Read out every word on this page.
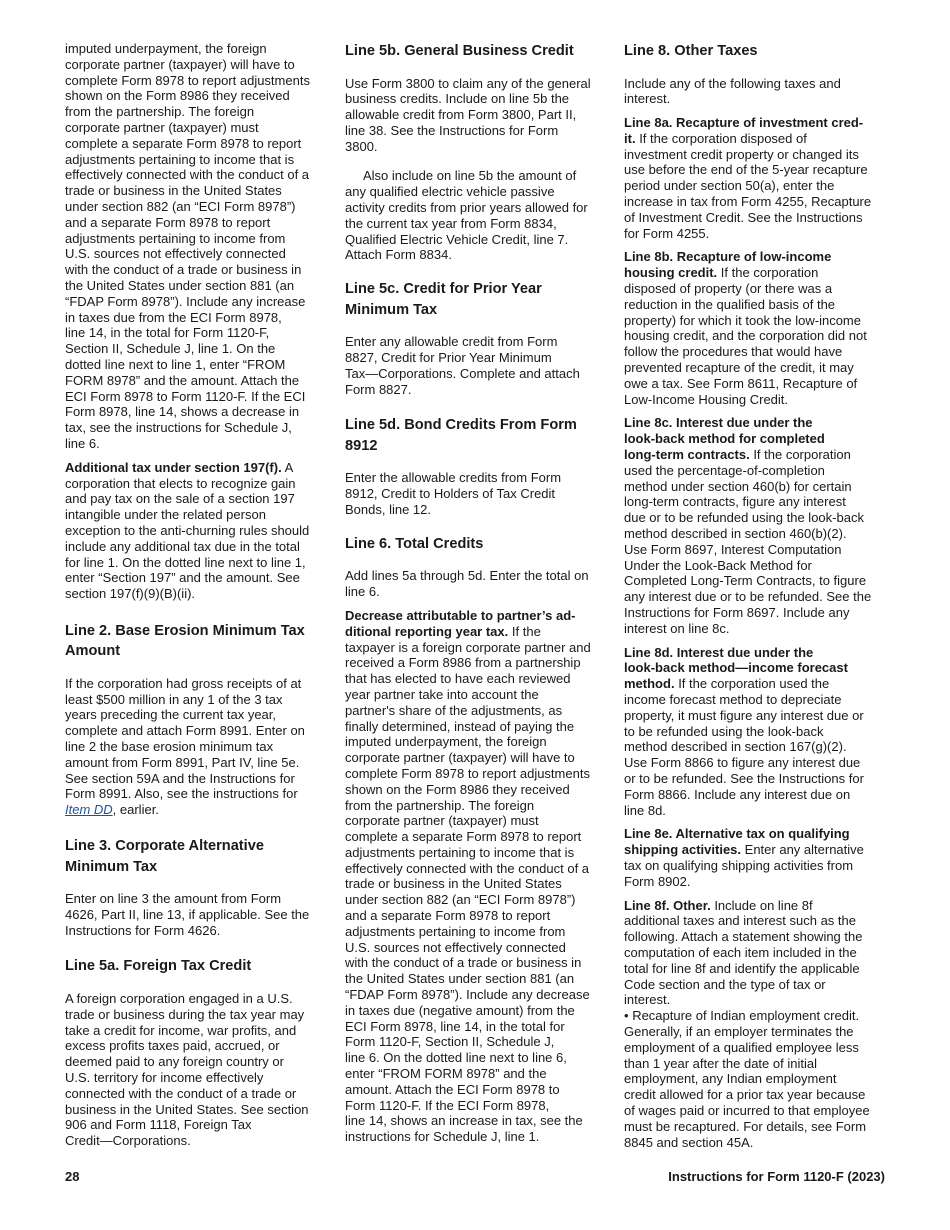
imputed underpayment, the foreign
corporate partner (taxpayer) will have to
complete Form 8978 to report adjustments
shown on the Form 8986 they received
from the partnership. The foreign
corporate partner (taxpayer) must
complete a separate Form 8978 to report
adjustments pertaining to income that is
effectively connected with the conduct of a
trade or business in the United States
under section 882 (an “ECI Form 8978”)
and a separate Form 8978 to report
adjustments pertaining to income from
U.S. sources not effectively connected
with the conduct of a trade or business in
the United States under section 881 (an
“FDAP Form 8978”). Include any increase
in taxes due from the ECI Form 8978,
line 14, in the total for Form 1120-F,
Section II, Schedule J, line 1. On the
dotted line next to line 1, enter “FROM
FORM 8978” and the amount. Attach the
ECI Form 8978 to Form 1120-F. If the ECI
Form 8978, line 14, shows a decrease in
tax, see the instructions for Schedule J,
line 6.

Additional tax under section 197(f). A
corporation that elects to recognize gain
and pay tax on the sale of a section 197
intangible under the related person
exception to the anti-churning rules should
include any additional tax due in the total
for line 1. On the dotted line next to line 1,
enter “Section 197” and the amount. See
section 197(f)(9)(B)(ii).

Line 2. Base Erosion Minimum Tax
Amount

If the corporation had gross receipts of at
least $500 million in any 1 of the 3 tax
years preceding the current tax year,
complete and attach Form 8991. Enter on
line 2 the base erosion minimum tax
amount from Form 8991, Part IV, line 5e.
See section 59A and the Instructions for
Form 8991. Also, see the instructions for
Item DD, earlier.

Line 3. Corporate Alternative
Minimum Tax

Enter on line 3 the amount from Form
4626, Part II, line 13, if applicable. See the
Instructions for Form 4626.

Line 5a. Foreign Tax Credit

A foreign corporation engaged in a U.S.
trade or business during the tax year may
take a credit for income, war profits, and
excess profits taxes paid, accrued, or
deemed paid to any foreign country or
U.S. territory for income effectively
connected with the conduct of a trade or
business in the United States. See section
906 and Form 1118, Foreign Tax
Credit—Corporations.

Line 5b. General Business Credit

Use Form 3800 to claim any of the general
business credits. Include on line 5b the
allowable credit from Form 3800, Part II,
line 38. See the Instructions for Form
3800.

Also include on line 5b the amount of
any qualified electric vehicle passive
activity credits from prior years allowed for
the current tax year from Form 8834,
Qualified Electric Vehicle Credit, line 7.
Attach Form 8834.

Line 5c. Credit for Prior Year
Minimum Tax

Enter any allowable credit from Form
8827, Credit for Prior Year Minimum
Tax—Corporations. Complete and attach
Form 8827.

Line 5d. Bond Credits From Form
8912

Enter the allowable credits from Form
8912, Credit to Holders of Tax Credit
Bonds, line 12.

Line 6. Total Credits

Add lines 5a through 5d. Enter the total on
line 6.

Decrease attributable to partner’s ad-
ditional reporting year tax. If the
taxpayer is a foreign corporate partner and
received a Form 8986 from a partnership
that has elected to have each reviewed
year partner take into account the
partner's share of the adjustments, as
finally determined, instead of paying the
imputed underpayment, the foreign
corporate partner (taxpayer) will have to
complete Form 8978 to report adjustments
shown on the Form 8986 they received
from the partnership. The foreign
corporate partner (taxpayer) must
complete a separate Form 8978 to report
adjustments pertaining to income that is
effectively connected with the conduct of a
trade or business in the United States
under section 882 (an “ECI Form 8978”)
and a separate Form 8978 to report
adjustments pertaining to income from
U.S. sources not effectively connected
with the conduct of a trade or business in
the United States under section 881 (an
“FDAP Form 8978”). Include any decrease
in taxes due (negative amount) from the
ECI Form 8978, line 14, in the total for
Form 1120-F, Section II, Schedule J,
line 6. On the dotted line next to line 6,
enter “FROM FORM 8978” and the
amount. Attach the ECI Form 8978 to
Form 1120-F. If the ECI Form 8978,
line 14, shows an increase in tax, see the
instructions for Schedule J, line 1.

Line 8. Other Taxes

Include any of the following taxes and
interest.

Line 8a. Recapture of investment cred-
it. If the corporation disposed of
investment credit property or changed its
use before the end of the 5-year recapture
period under section 50(a), enter the
increase in tax from Form 4255, Recapture
of Investment Credit. See the Instructions
for Form 4255.

Line 8b. Recapture of low-income
housing credit. If the corporation
disposed of property (or there was a
reduction in the qualified basis of the
property) for which it took the low-income
housing credit, and the corporation did not
follow the procedures that would have
prevented recapture of the credit, it may
owe a tax. See Form 8611, Recapture of
Low-Income Housing Credit.

Line 8c. Interest due under the
look-back method for completed
long-term contracts. If the corporation
used the percentage-of-completion
method under section 460(b) for certain
long-term contracts, figure any interest
due or to be refunded using the look-back
method described in section 460(b)(2).
Use Form 8697, Interest Computation
Under the Look-Back Method for
Completed Long-Term Contracts, to figure
any interest due or to be refunded. See the
Instructions for Form 8697. Include any
interest on line 8c.

Line 8d. Interest due under the
look-back method—income forecast
method. If the corporation used the
income forecast method to depreciate
property, it must figure any interest due or
to be refunded using the look-back
method described in section 167(g)(2).
Use Form 8866 to figure any interest due
or to be refunded. See the Instructions for
Form 8866. Include any interest due on
line 8d.

Line 8e. Alternative tax on qualifying
shipping activities. Enter any alternative
tax on qualifying shipping activities from
Form 8902.

Line 8f. Other. Include on line 8f
additional taxes and interest such as the
following. Attach a statement showing the
computation of each item included in the
total for line 8f and identify the applicable
Code section and the type of tax or
interest.

• Recapture of Indian employment credit.
Generally, if an employer terminates the
employment of a qualified employee less
than 1 year after the date of initial
employment, any Indian employment
credit allowed for a prior tax year because
of wages paid or incurred to that employee
must be recaptured. For details, see Form
8845 and section 45A.

28	Instructions for Form 1120-F (2023)
